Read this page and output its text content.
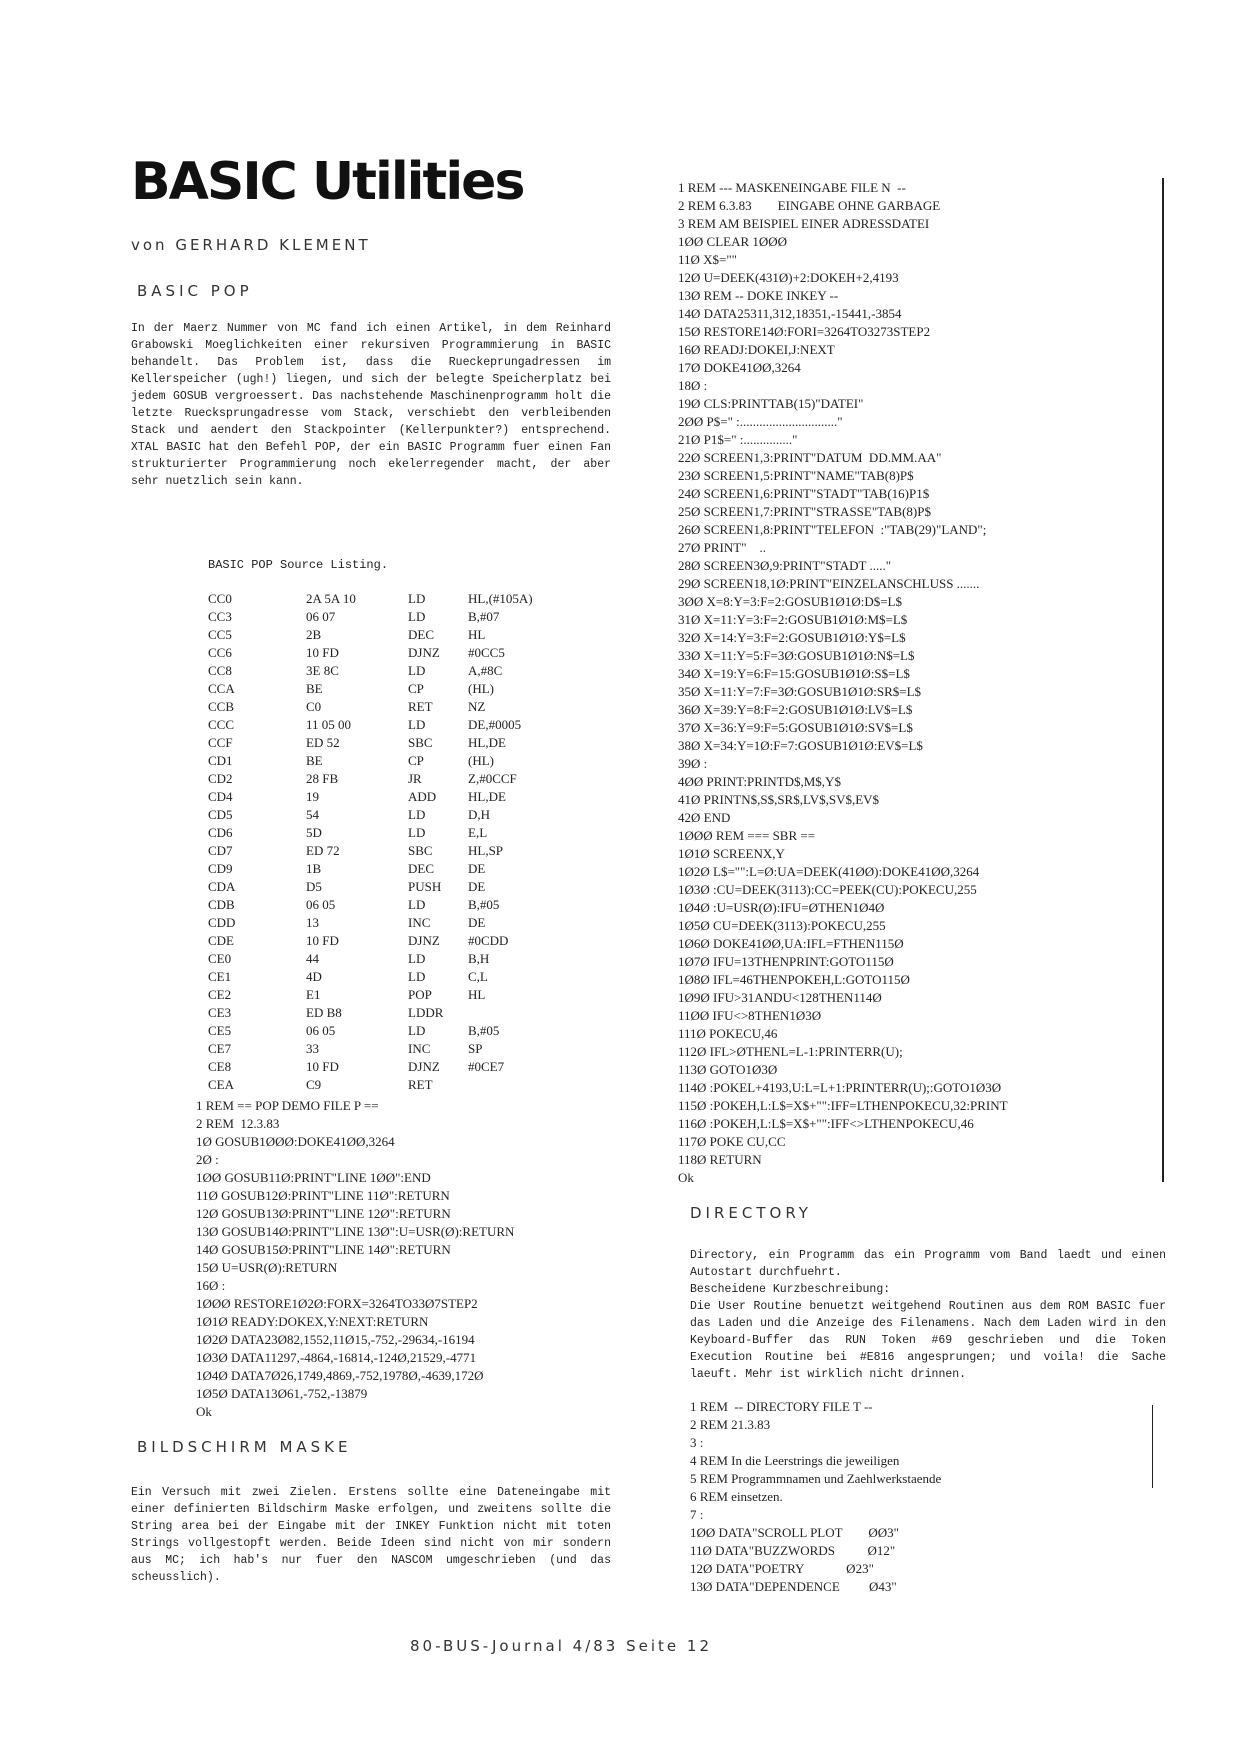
BASIC Utilities
von GERHARD KLEMENT
BASIC POP

In der Maerz Nummer von MC fand ich einen Artikel, in dem Reinhard Grabowski Moeglichkeiten einer rekursiven Programmierung in BASIC behandelt. Das Problem ist, dass die Rueckeprungadressen im Kellerspeicher (ugh!) liegen, und sich der belegte Speicherplatz bei jedem GOSUB vergroessert. Das nachstehende Maschinenprogramm holt die letzte Ruecksprungadresse vom Stack, verschiebt den verbleibenden Stack und aendert den Stackpointer (Kellerpunkter?) entsprechend. XTAL BASIC hat den Befehl POP, der ein BASIC Programm fuer einen Fan strukturierter Programmierung noch ekelerregender macht, der aber sehr nuetzlich sein kann.

BASIC POP Source Listing.
CC0	2A 5A 10	LD	HL,(#105A)
CC3	06 07	LD	B,#07
CC5	2B	DEC	HL
CC6	10 FD	DJNZ	#0CC5
CC8	3E 8C	LD	A,#8C
CCA	BE	CP	(HL)
CCB	C0	RET	NZ
CCC	11 05 00	LD	DE,#0005
CCF	ED 52	SBC	HL,DE
CD1	BE	CP	(HL)
CD2	28 FB	JR	Z,#0CCF
CD4	19	ADD	HL,DE
CD5	54	LD	D,H
CD6	5D	LD	E,L
CD7	ED 72	SBC	HL,SP
CD9	1B	DEC	DE
CDA	D5	PUSH	DE
CDB	06 05	LD	B,#05
CDD	13	INC	DE
CDE	10 FD	DJNZ	#0CDD
CE0	44	LD	B,H
CE1	4D	LD	C,L
CE2	E1	POP	HL
CE3	ED B8	LDDR	
CE5	06 05	LD	B,#05
CE7	33	INC	SP
CE8	10 FD	DJNZ	#0CE7
CEA	C9	RET	
1 REM == POP DEMO FILE P ==
2 REM  12.3.83
1Ø GOSUB1ØØØ:DOKE41ØØ,3264
2Ø :
1ØØ GOSUB11Ø:PRINT"LINE 1ØØ":END
11Ø GOSUB12Ø:PRINT"LINE 11Ø":RETURN
12Ø GOSUB13Ø:PRINT"LINE 12Ø":RETURN
13Ø GOSUB14Ø:PRINT"LINE 13Ø":U=USR(Ø):RETURN
14Ø GOSUB15Ø:PRINT"LINE 14Ø":RETURN
15Ø U=USR(Ø):RETURN
16Ø :
1ØØØ RESTORE1Ø2Ø:FORX=3264TO33Ø7STEP2
1Ø1Ø READY:DOKEX,Y:NEXT:RETURN
1Ø2Ø DATA23Ø82,1552,11Ø15,-752,-29634,-16194
1Ø3Ø DATA11297,-4864,-16814,-124Ø,21529,-4771
1Ø4Ø DATA7Ø26,1749,4869,-752,1978Ø,-4639,172Ø
1Ø5Ø DATA13Ø61,-752,-13879
Ok
BILDSCHIRM MASKE

Ein Versuch mit zwei Zielen. Erstens sollte eine Dateneingabe mit einer definierten Bildschirm Maske erfolgen, und zweitens sollte die String area bei der Eingabe mit der INKEY Funktion nicht mit toten Strings vollgestopft werden. Beide Ideen sind nicht von mir sondern aus MC; ich hab's nur fuer den NASCOM umgeschrieben (und das scheusslich).

1 REM --- MASKENEINGABE FILE N  --
2 REM 6.3.83        EINGABE OHNE GARBAGE
3 REM AM BEISPIEL EINER ADRESSDATEI
1ØØ CLEAR 1ØØØ
11Ø X$=""
12Ø U=DEEK(431Ø)+2:DOKEH+2,4193
13Ø REM -- DOKE INKEY --
14Ø DATA25311,312,18351,-15441,-3854
15Ø RESTORE14Ø:FORI=3264TO3273STEP2
16Ø READJ:DOKEI,J:NEXT
17Ø DOKE41ØØ,3264
18Ø :
19Ø CLS:PRINTTAB(15)"DATEI"
2ØØ P$=" :.............................."
21Ø P1$=" :..............."
22Ø SCREEN1,3:PRINT"DATUM  DD.MM.AA"
23Ø SCREEN1,5:PRINT"NAME"TAB(8)P$
24Ø SCREEN1,6:PRINT"STADT"TAB(16)P1$
25Ø SCREEN1,7:PRINT"STRASSE"TAB(8)P$
26Ø SCREEN1,8:PRINT"TELEFON  :"TAB(29)"LAND";
27Ø PRINT"    ..
28Ø SCREEN3Ø,9:PRINT"STADT ....."
29Ø SCREEN18,1Ø:PRINT"EINZELANSCHLUSS .......
3ØØ X=8:Y=3:F=2:GOSUB1Ø1Ø:D$=L$
31Ø X=11:Y=3:F=2:GOSUB1Ø1Ø:M$=L$
32Ø X=14:Y=3:F=2:GOSUB1Ø1Ø:Y$=L$
33Ø X=11:Y=5:F=3Ø:GOSUB1Ø1Ø:N$=L$
34Ø X=19:Y=6:F=15:GOSUB1Ø1Ø:S$=L$
35Ø X=11:Y=7:F=3Ø:GOSUB1Ø1Ø:SR$=L$
36Ø X=39:Y=8:F=2:GOSUB1Ø1Ø:LV$=L$
37Ø X=36:Y=9:F=5:GOSUB1Ø1Ø:SV$=L$
38Ø X=34:Y=1Ø:F=7:GOSUB1Ø1Ø:EV$=L$
39Ø :
4ØØ PRINT:PRINTD$,M$,Y$
41Ø PRINTN$,S$,SR$,LV$,SV$,EV$
42Ø END
1ØØØ REM === SBR ==
1Ø1Ø SCREENX,Y
1Ø2Ø L$="":L=Ø:UA=DEEK(41ØØ):DOKE41ØØ,3264
1Ø3Ø :CU=DEEK(3113):CC=PEEK(CU):POKECU,255
1Ø4Ø :U=USR(Ø):IFU=ØTHEN1Ø4Ø
1Ø5Ø CU=DEEK(3113):POKECU,255
1Ø6Ø DOKE41ØØ,UA:IFL=FTHEN115Ø
1Ø7Ø IFU=13THENPRINT:GOTO115Ø
1Ø8Ø IFL=46THENPOKEH,L:GOTO115Ø
1Ø9Ø IFU>31ANDU<128THEN114Ø
11ØØ IFU<>8THEN1Ø3Ø
111Ø POKECU,46
112Ø IFL>ØTHENL=L-1:PRINTERR(U);
113Ø GOTO1Ø3Ø
114Ø :POKEL+4193,U:L=L+1:PRINTERR(U);:GOTO1Ø3Ø
115Ø :POKEH,L:L$=X$+"":IFF=LTHENPOKECU,32:PRINT
116Ø :POKEH,L:L$=X$+"":IFF<>LTHENPOKECU,46
117Ø POKE CU,CC
118Ø RETURN
Ok
DIRECTORY

Directory, ein Programm das ein Programm vom Band laedt und einen Autostart durchfuehrt.

Bescheidene Kurzbeschreibung:

Die User Routine benuetzt weitgehend Routinen aus dem ROM BASIC fuer das Laden und die Anzeige des Filenamens. Nach dem Laden wird in den Keyboard-Buffer das RUN Token #69 geschrieben und die Token Execution Routine bei #E816 angesprungen; und voila! die Sache laeuft. Mehr ist wirklich nicht drinnen.

1 REM  -- DIRECTORY FILE T --
2 REM 21.3.83
3 :
4 REM In die Leerstrings die jeweiligen
5 REM Programmnamen und Zaehlwerkstaende
6 REM einsetzen.
7 :
1ØØ DATA"SCROLL PLOT        ØØ3"
11Ø DATA"BUZZWORDS          Ø12"
12Ø DATA"POETRY             Ø23"
13Ø DATA"DEPENDENCE         Ø43"
80-BUS-Journal 4/83 Seite 12
